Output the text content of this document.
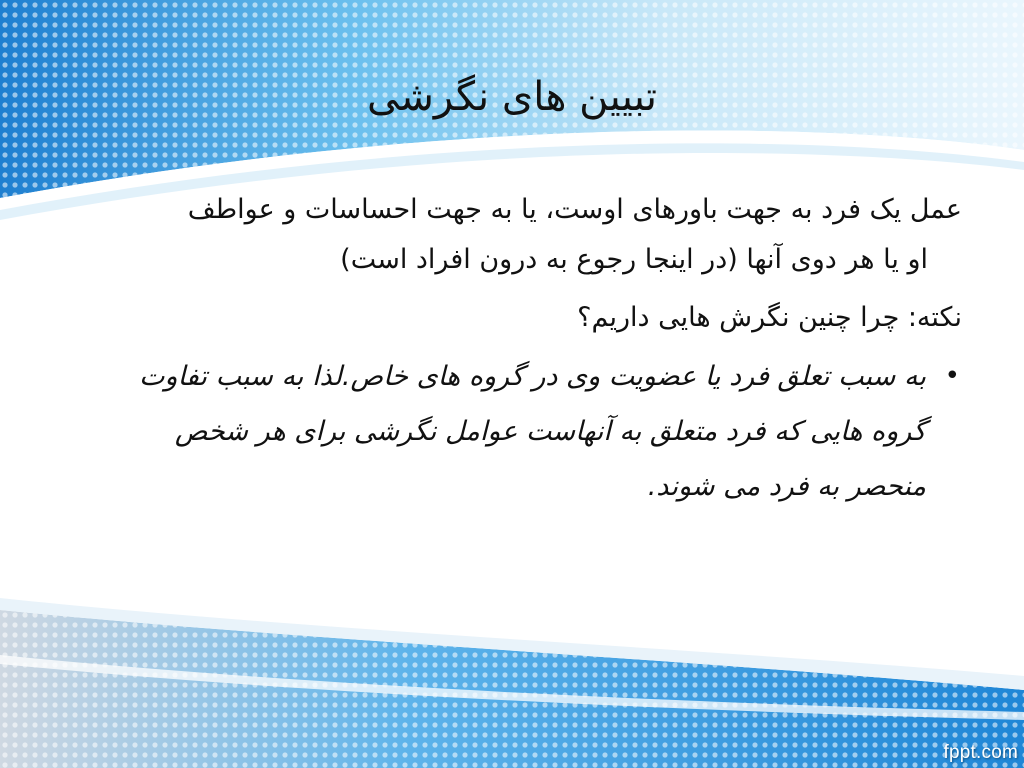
تبیین های نگرشی

عمل یک فرد به جهت باورهای اوست، یا به جهت احساسات و عواطف

او یا هر دوی آنها (در اینجا رجوع به درون افراد است)

نکته: چرا چنین نگرش هایی داریم؟

•
به سبب تعلق فرد یا عضویت وی در گروه های خاص.لذا به سبب تفاوت گروه هایی که فرد متعلق به آنهاست عوامل نگرشی برای هر شخص منحصر به فرد می شوند.
fppt.com
